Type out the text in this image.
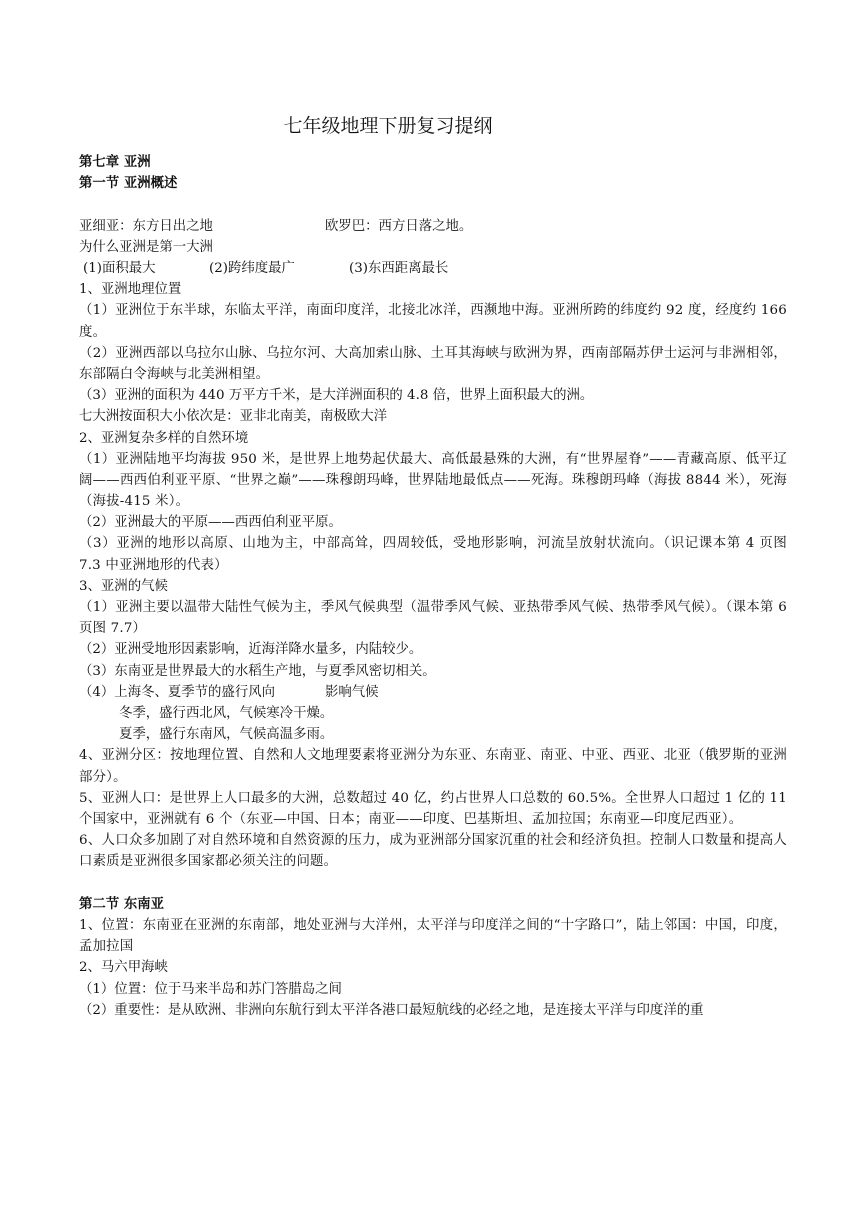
七年级地理下册复习提纲
第七章 亚洲
第一节 亚洲概述
亚细亚：东方日出之地	欧罗巴：西方日落之地。
为什么亚洲是第一大洲
(1)面积最大	(2)跨纬度最广	(3)东西距离最长
1、亚洲地理位置
（1）亚洲位于东半球，东临太平洋，南面印度洋，北接北冰洋，西濒地中海。亚洲所跨的纬度约 92 度，经度约 166 度。
（2）亚洲西部以乌拉尔山脉、乌拉尔河、大高加索山脉、土耳其海峡与欧洲为界，西南部隔苏伊士运河与非洲相邻，东部隔白令海峡与北美洲相望。
（3）亚洲的面积为 440 万平方千米，是大洋洲面积的 4.8 倍，世界上面积最大的洲。
七大洲按面积大小依次是：亚非北南美，南极欧大洋
2、亚洲复杂多样的自然环境
（1）亚洲陆地平均海拔 950 米，是世界上地势起伏最大、高低最悬殊的大洲，有“世界屋脊”——青藏高原、低平辽阔——西西伯利亚平原、“世界之巅”——珠穆朗玛峰，世界陆地最低点——死海。珠穆朗玛峰（海拔 8844 米），死海（海拔-415 米）。
（2）亚洲最大的平原——西西伯利亚平原。
（3）亚洲的地形以高原、山地为主，中部高耸，四周较低，受地形影响，河流呈放射状流向。（识记课本第 4 页图 7.3 中亚洲地形的代表）
3、亚洲的气候
（1）亚洲主要以温带大陆性气候为主，季风气候典型（温带季风气候、亚热带季风气候、热带季风气候）。（课本第 6 页图 7.7）
（2）亚洲受地形因素影响，近海洋降水量多，内陆较少。
（3）东南亚是世界最大的水稻生产地，与夏季风密切相关。
（4）上海冬、夏季节的盛行风向	影响气候
冬季，盛行西北风，气候寒冷干燥。
夏季，盛行东南风，气候高温多雨。
4、亚洲分区：按地理位置、自然和人文地理要素将亚洲分为东亚、东南亚、南亚、中亚、西亚、北亚（俄罗斯的亚洲部分）。
5、亚洲人口：是世界上人口最多的大洲，总数超过 40 亿，约占世界人口总数的 60.5%。全世界人口超过 1 亿的 11 个国家中，亚洲就有 6 个（东亚—中国、日本；南亚——印度、巴基斯坦、孟加拉国；东南亚—印度尼西亚）。
6、人口众多加剧了对自然环境和自然资源的压力，成为亚洲部分国家沉重的社会和经济负担。控制人口数量和提高人口素质是亚洲很多国家都必须关注的问题。
第二节 东南亚
1、位置：东南亚在亚洲的东南部，地处亚洲与大洋州，太平洋与印度洋之间的“十字路口”，陆上邻国：中国，印度，孟加拉国
2、马六甲海峡
（1）位置：位于马来半岛和苏门答腊岛之间
（2）重要性：是从欧洲、非洲向东航行到太平洋各港口最短航线的必经之地，是连接太平洋与印度洋的重
